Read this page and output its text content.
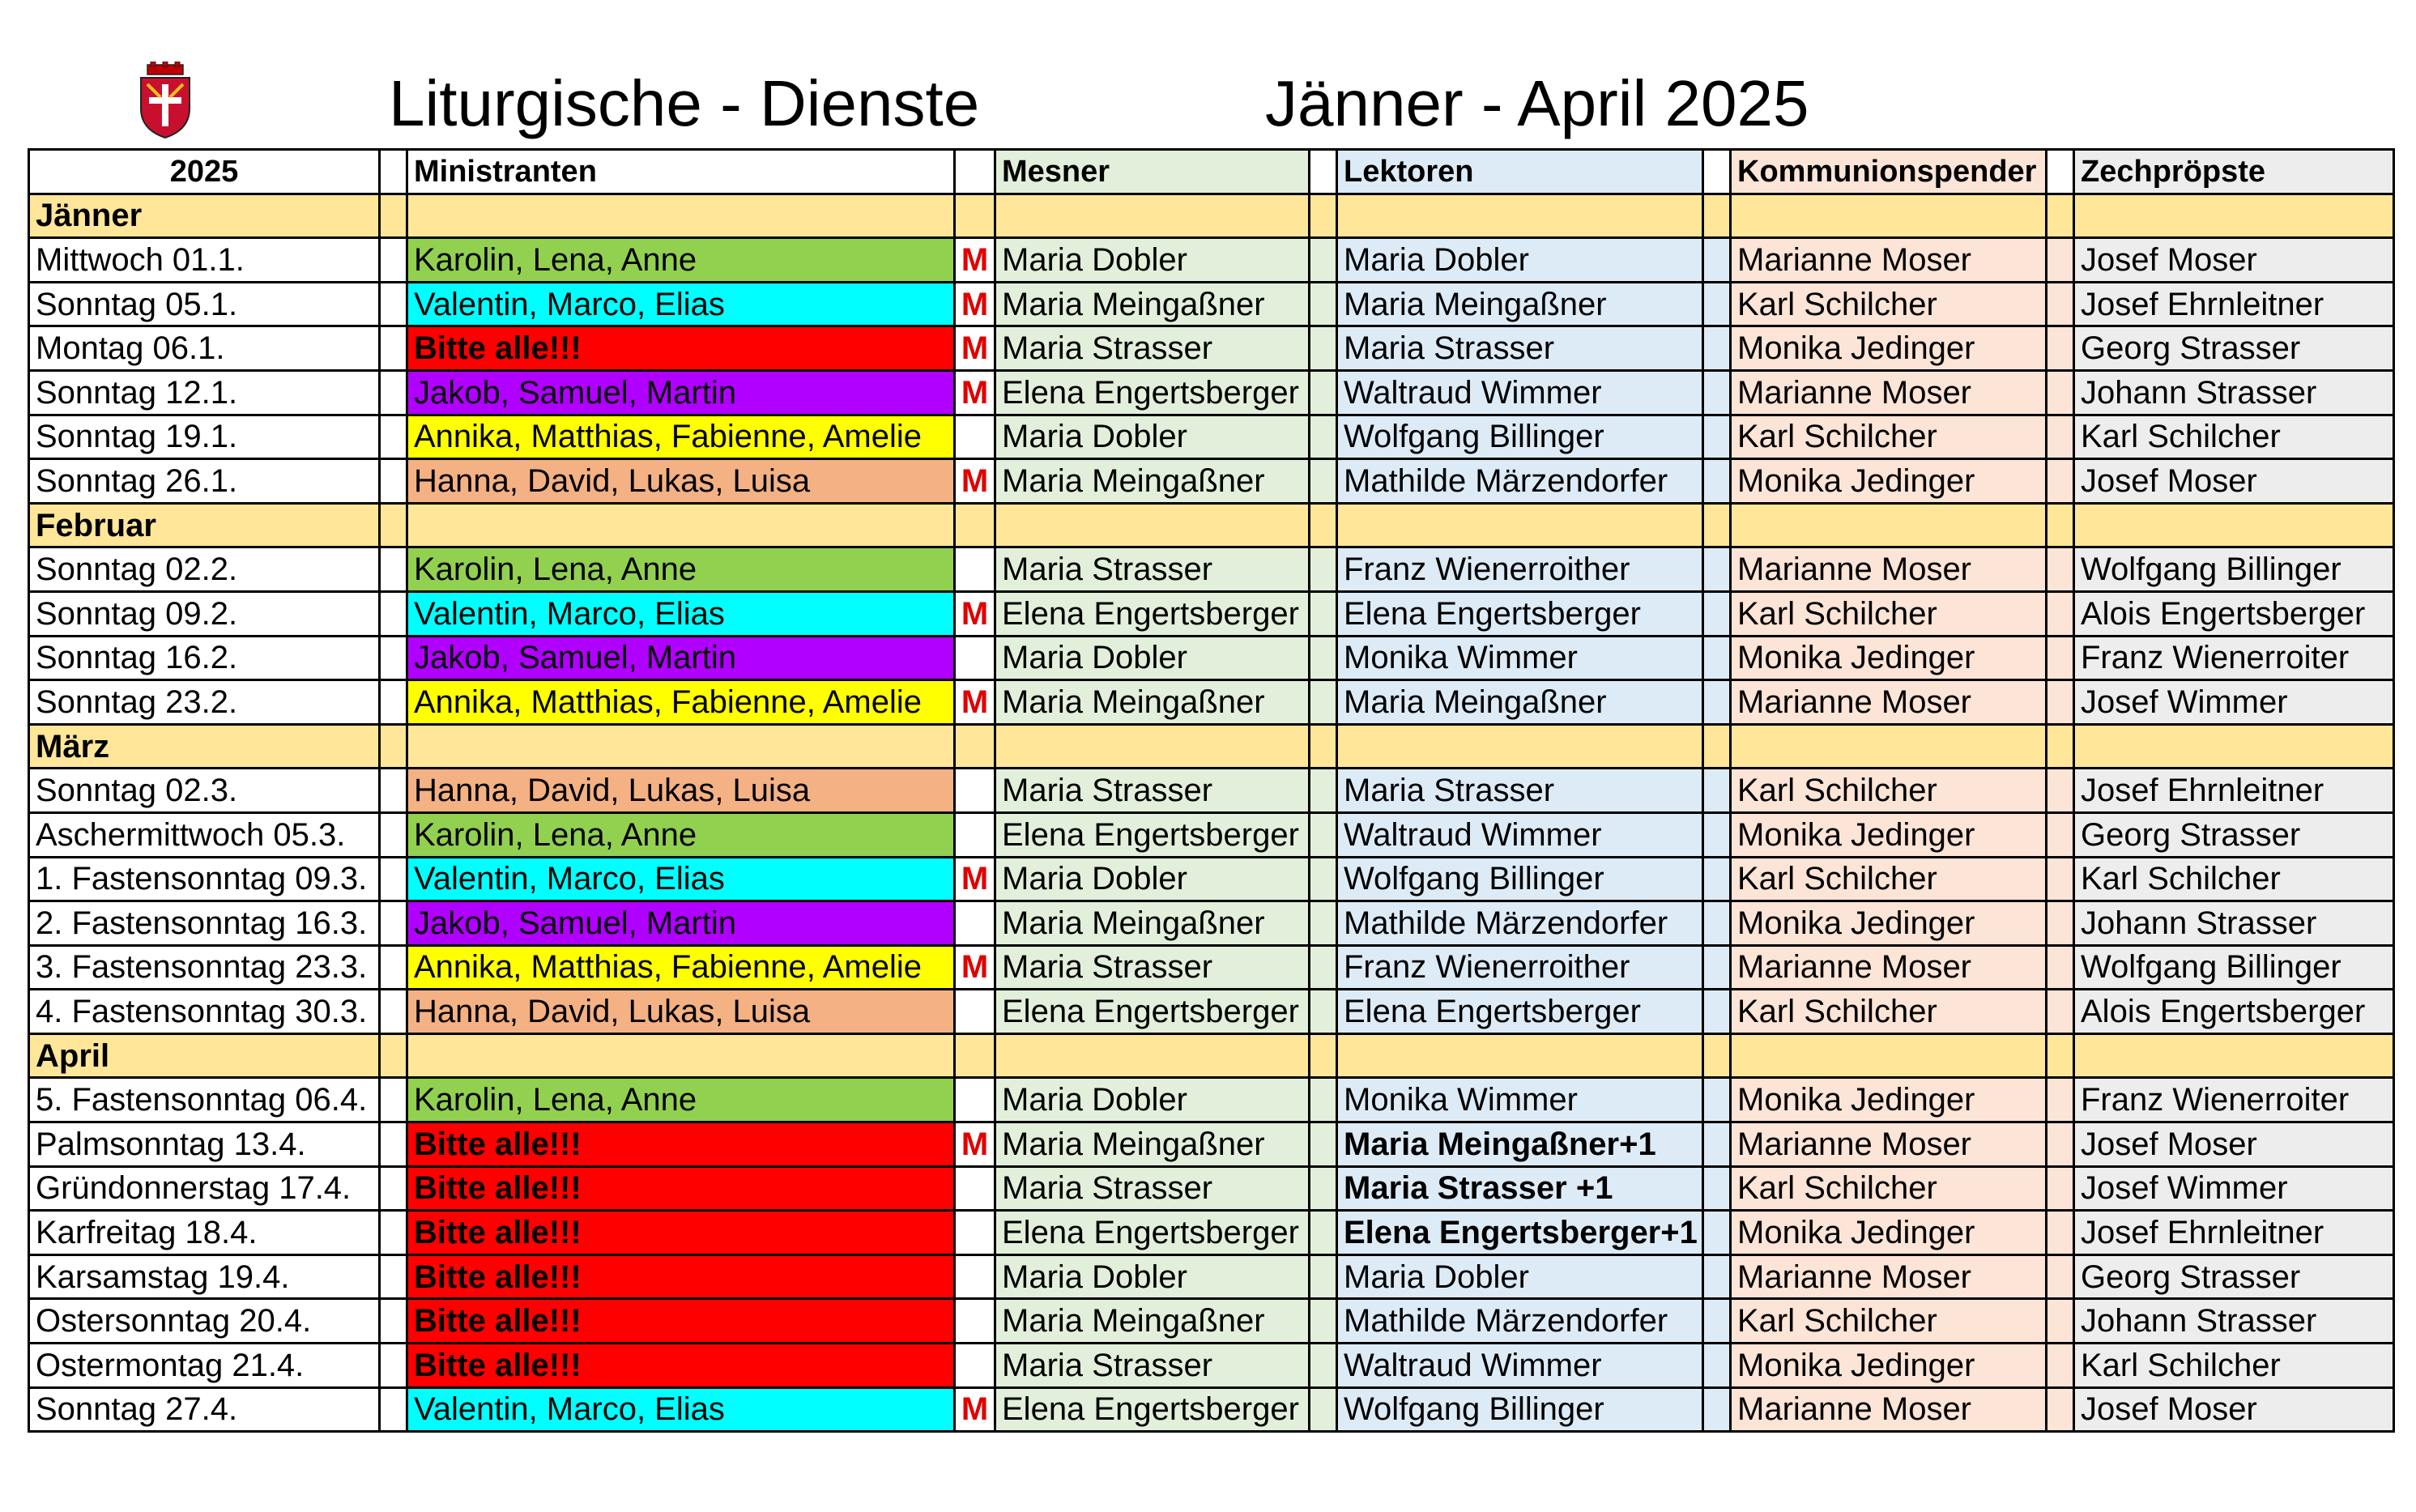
Liturgische - Dienste	Jänner - April 2025
2025		Ministranten		Mesner		Lektoren		Kommunionspender		Zechpröpste
Jänner										
Mittwoch 01.1.		Karolin, Lena, Anne	M	Maria Dobler		Maria Dobler		Marianne Moser		Josef Moser
Sonntag 05.1.		Valentin, Marco, Elias	M	Maria Meingaßner		Maria Meingaßner		Karl Schilcher		Josef Ehrnleitner
Montag 06.1.		Bitte alle!!!	M	Maria Strasser		Maria Strasser		Monika Jedinger		Georg Strasser
Sonntag 12.1.		Jakob, Samuel, Martin	M	Elena Engertsberger		Waltraud Wimmer		Marianne Moser		Johann Strasser
Sonntag 19.1.		Annika, Matthias, Fabienne, Amelie		Maria Dobler		Wolfgang Billinger		Karl Schilcher		Karl Schilcher
Sonntag 26.1.		Hanna, David, Lukas, Luisa	M	Maria Meingaßner		Mathilde Märzendorfer		Monika Jedinger		Josef Moser
Februar										
Sonntag 02.2.		Karolin, Lena, Anne		Maria Strasser		Franz Wienerroither		Marianne Moser		Wolfgang Billinger
Sonntag 09.2.		Valentin, Marco, Elias	M	Elena Engertsberger		Elena Engertsberger		Karl Schilcher		Alois Engertsberger
Sonntag 16.2.		Jakob, Samuel, Martin		Maria Dobler		Monika Wimmer		Monika Jedinger		Franz Wienerroiter
Sonntag 23.2.		Annika, Matthias, Fabienne, Amelie	M	Maria Meingaßner		Maria Meingaßner		Marianne Moser		Josef Wimmer
März										
Sonntag 02.3.		Hanna, David, Lukas, Luisa		Maria Strasser		Maria Strasser		Karl Schilcher		Josef Ehrnleitner
Aschermittwoch 05.3.		Karolin, Lena, Anne		Elena Engertsberger		Waltraud Wimmer		Monika Jedinger		Georg Strasser
1. Fastensonntag 09.3.		Valentin, Marco, Elias	M	Maria Dobler		Wolfgang Billinger		Karl Schilcher		Karl Schilcher
2. Fastensonntag 16.3.		Jakob, Samuel, Martin		Maria Meingaßner		Mathilde Märzendorfer		Monika Jedinger		Johann Strasser
3. Fastensonntag 23.3.		Annika, Matthias, Fabienne, Amelie	M	Maria Strasser		Franz Wienerroither		Marianne Moser		Wolfgang Billinger
4. Fastensonntag 30.3.		Hanna, David, Lukas, Luisa		Elena Engertsberger		Elena Engertsberger		Karl Schilcher		Alois Engertsberger
April										
5. Fastensonntag 06.4.		Karolin, Lena, Anne		Maria Dobler		Monika Wimmer		Monika Jedinger		Franz Wienerroiter
Palmsonntag 13.4.		Bitte alle!!!	M	Maria Meingaßner		Maria Meingaßner+1		Marianne Moser		Josef Moser
Gründonnerstag 17.4.		Bitte alle!!!		Maria Strasser		Maria Strasser +1		Karl Schilcher		Josef Wimmer
Karfreitag 18.4.		Bitte alle!!!		Elena Engertsberger		Elena Engertsberger+1		Monika Jedinger		Josef Ehrnleitner
Karsamstag 19.4.		Bitte alle!!!		Maria Dobler		Maria Dobler		Marianne Moser		Georg Strasser
Ostersonntag 20.4.		Bitte alle!!!		Maria Meingaßner		Mathilde Märzendorfer		Karl Schilcher		Johann Strasser
Ostermontag 21.4.		Bitte alle!!!		Maria Strasser		Waltraud Wimmer		Monika Jedinger		Karl Schilcher
Sonntag 27.4.		Valentin, Marco, Elias	M	Elena Engertsberger		Wolfgang Billinger		Marianne Moser		Josef Moser
